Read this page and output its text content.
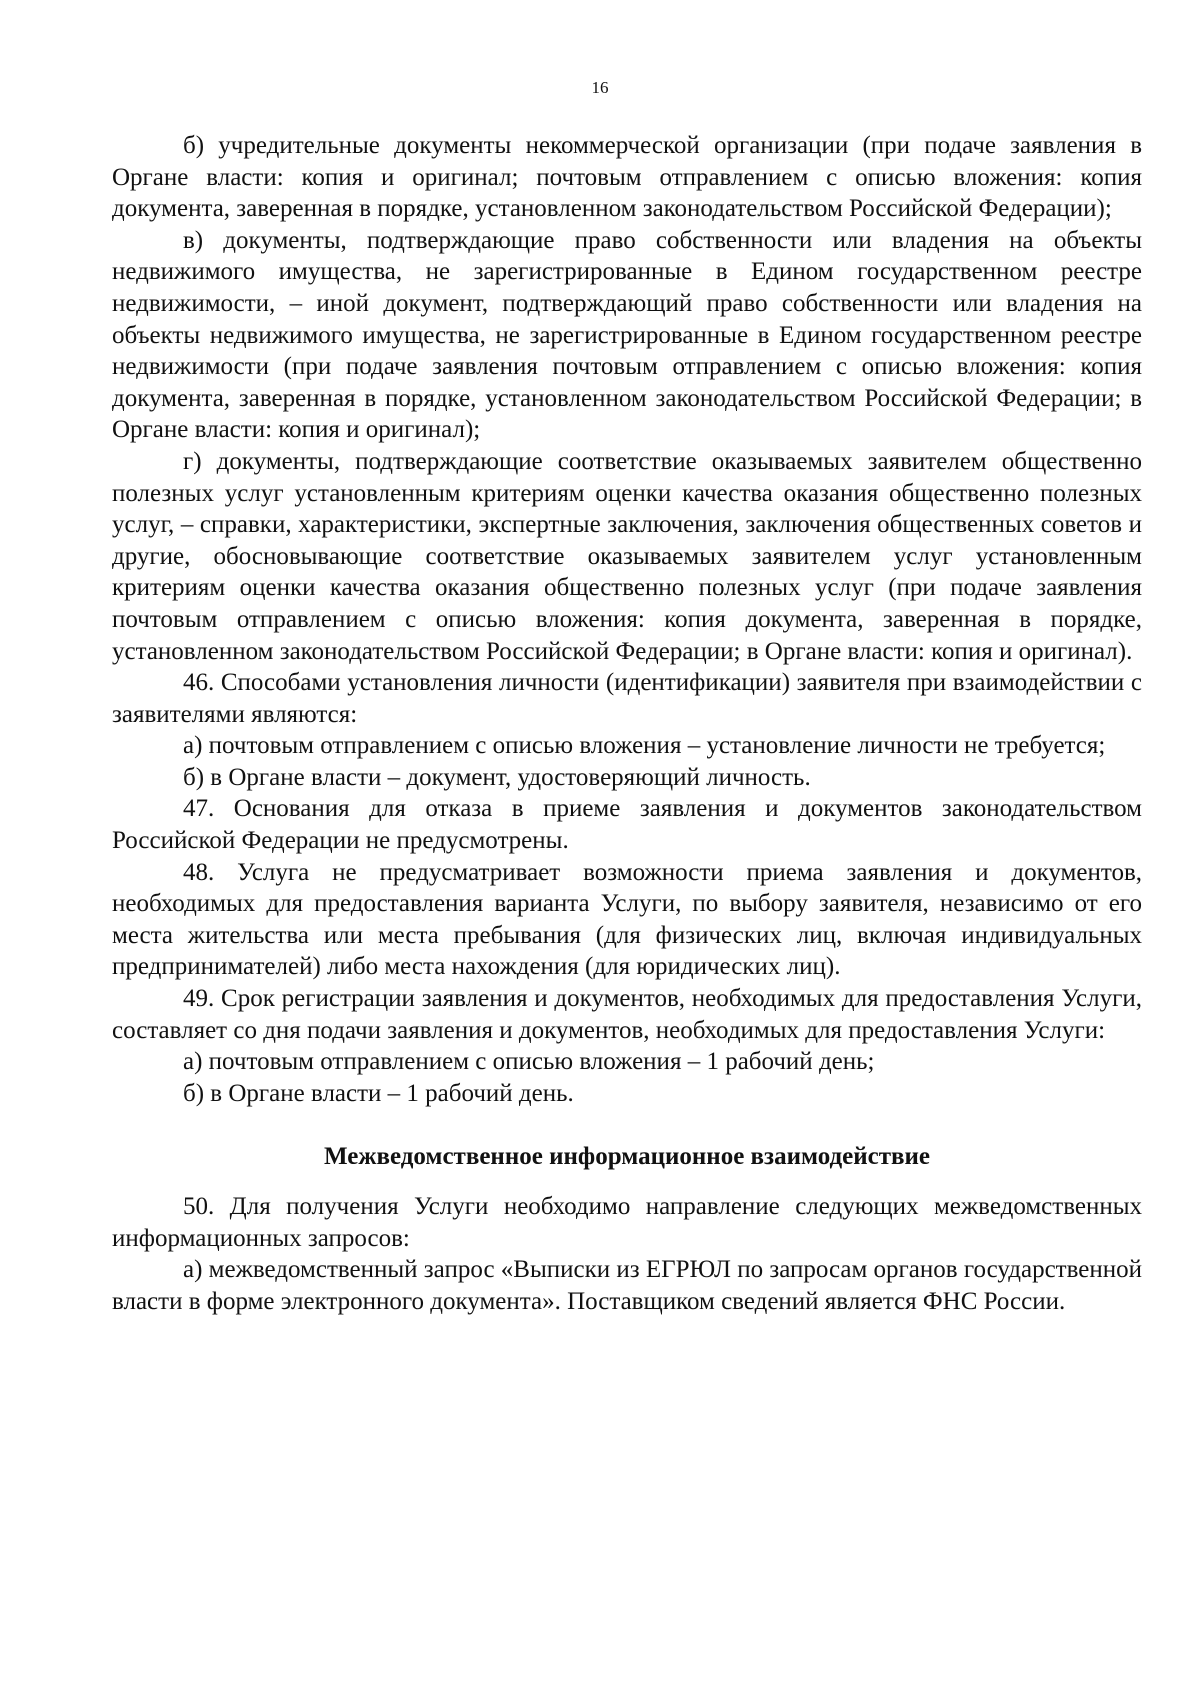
16

б) учредительные документы некоммерческой организации (при подаче заявления в Органе власти: копия и оригинал; почтовым отправлением с описью вложения: копия документа, заверенная в порядке, установленном законодательством Российской Федерации);

в) документы, подтверждающие право собственности или владения на объекты недвижимого имущества, не зарегистрированные в Едином государственном реестре недвижимости, – иной документ, подтверждающий право собственности или владения на объекты недвижимого имущества, не зарегистрированные в Едином государственном реестре недвижимости (при подаче заявления почтовым отправлением с описью вложения: копия документа, заверенная в порядке, установленном законодательством Российской Федерации; в Органе власти: копия и оригинал);

г) документы, подтверждающие соответствие оказываемых заявителем общественно полезных услуг установленным критериям оценки качества оказания общественно полезных услуг, – справки, характеристики, экспертные заключения, заключения общественных советов и другие, обосновывающие соответствие оказываемых заявителем услуг установленным критериям оценки качества оказания общественно полезных услуг (при подаче заявления почтовым отправлением с описью вложения: копия документа, заверенная в порядке, установленном законодательством Российской Федерации; в Органе власти: копия и оригинал).

46. Способами установления личности (идентификации) заявителя при взаимодействии с заявителями являются:

а) почтовым отправлением с описью вложения – установление личности не требуется;

б) в Органе власти – документ, удостоверяющий личность.

47. Основания для отказа в приеме заявления и документов законодательством Российской Федерации не предусмотрены.

48. Услуга не предусматривает возможности приема заявления и документов, необходимых для предоставления варианта Услуги, по выбору заявителя, независимо от его места жительства или места пребывания (для физических лиц, включая индивидуальных предпринимателей) либо места нахождения (для юридических лиц).

49. Срок регистрации заявления и документов, необходимых для предоставления Услуги, составляет со дня подачи заявления и документов, необходимых для предоставления Услуги:

а) почтовым отправлением с описью вложения – 1 рабочий день;

б) в Органе власти – 1 рабочий день.

Межведомственное информационное взаимодействие

50. Для получения Услуги необходимо направление следующих межведомственных информационных запросов:

а) межведомственный запрос «Выписки из ЕГРЮЛ по запросам органов государственной власти в форме электронного документа». Поставщиком сведений является ФНС России.
